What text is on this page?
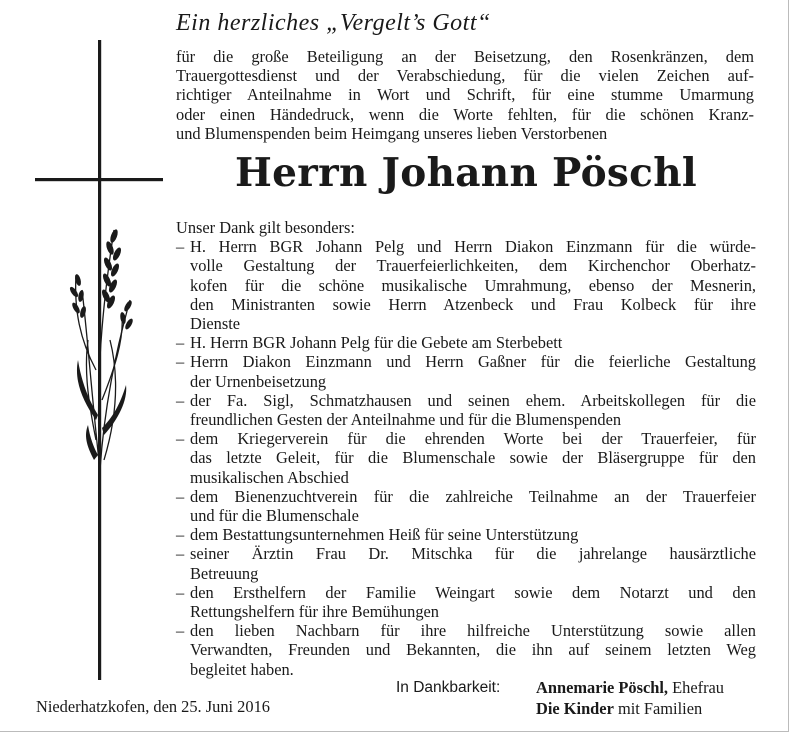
Ein herzliches „Vergelt’s Gott“
für die große Beteiligung an der Beisetzung, den Rosenkränzen, dem
Trauergottesdienst und der Verabschiedung, für die vielen Zeichen auf-
richtiger Anteilnahme in Wort und Schrift, für eine stumme Umarmung
oder einen Händedruck, wenn die Worte fehlten, für die schönen Kranz-
und Blumenspenden beim Heimgang unseres lieben Verstorbenen
Herrn Johann Pöschl
Unser Dank gilt besonders:
– H. Herrn BGR Johann Pelg und Herrn Diakon Einzmann für die würde-
volle Gestaltung der Trauerfeierlichkeiten, dem Kirchenchor Oberhatz-
kofen für die schöne musikalische Umrahmung, ebenso der Mesnerin,
den Ministranten sowie Herrn Atzenbeck und Frau Kolbeck für ihre
Dienste
– H. Herrn BGR Johann Pelg für die Gebete am Sterbebett
– Herrn Diakon Einzmann und Herrn Gaßner für die feierliche Gestaltung
der Urnenbeisetzung
– der Fa. Sigl, Schmatzhausen und seinen ehem. Arbeitskollegen für die
freundlichen Gesten der Anteilnahme und für die Blumenspenden
– dem Kriegerverein für die ehrenden Worte bei der Trauerfeier, für
das letzte Geleit, für die Blumenschale sowie der Bläsergruppe für den
musikalischen Abschied
– dem Bienenzuchtverein für die zahlreiche Teilnahme an der Trauerfeier
und für die Blumenschale
– dem Bestattungsunternehmen Heiß für seine Unterstützung
– seiner Ärztin Frau Dr. Mitschka für die jahrelange hausärztliche
Betreuung
– den Ersthelfern der Familie Weingart sowie dem Notarzt und den
Rettungshelfern für ihre Bemühungen
– den lieben Nachbarn für ihre hilfreiche Unterstützung sowie allen
Verwandten, Freunden und Bekannten, die ihn auf seinem letzten Weg
begleitet haben.
In Dankbarkeit:	Annemarie Pöschl, Ehefrau
Die Kinder mit Familien
Niederhatzkofen, den 25. Juni 2016
